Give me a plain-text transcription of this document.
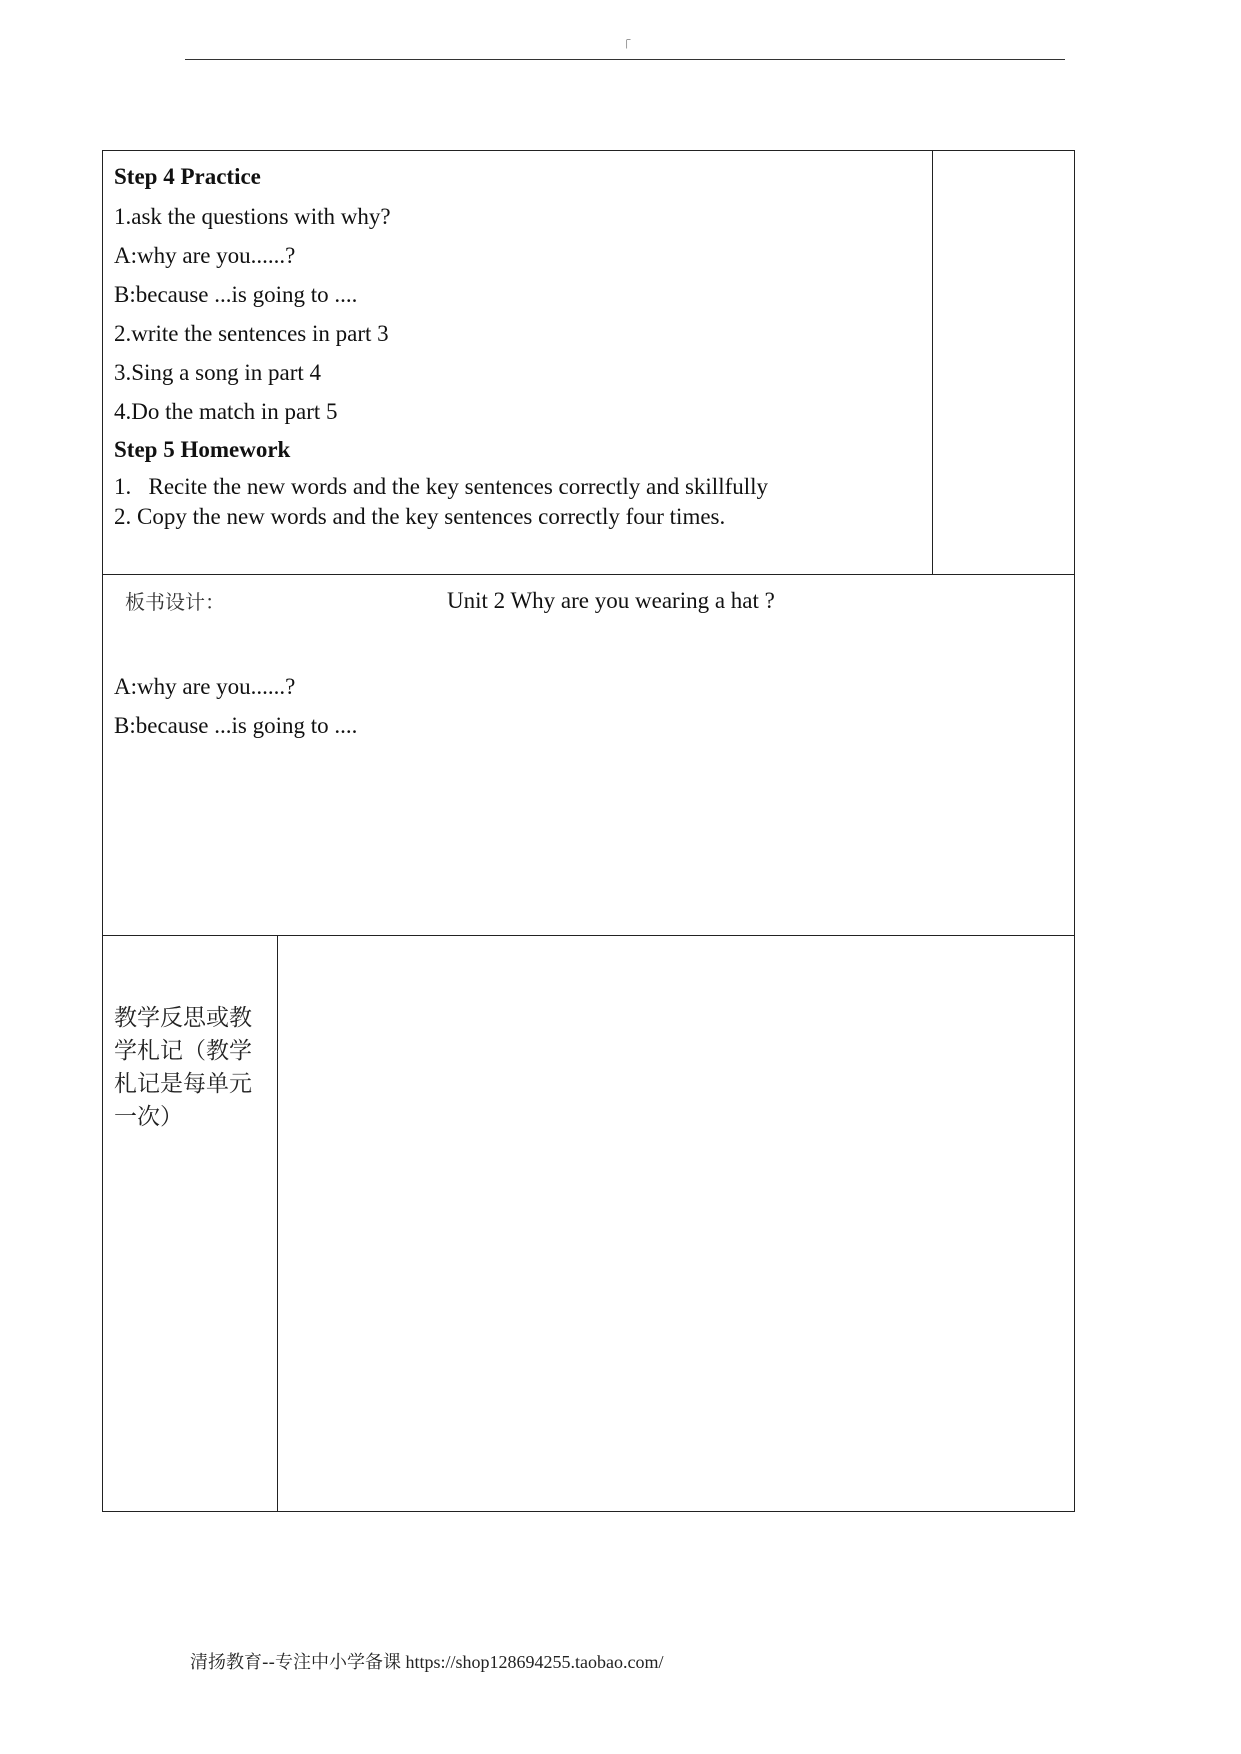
「
Step 4 Practice
1.ask the questions with why?
A:why are you......?
B:because ...is going to ....
2.write the sentences in part 3
3.Sing a song in part 4
4.Do the match in part 5
Step 5 Homework
1.   Recite the new words and the key sentences correctly and skillfully
2. Copy the new words and the key sentences correctly four times.
板书设计：	Unit 2 Why are you wearing a hat ?
A:why are you......?
B:because ...is going to ....
教学反思或教学札记（教学札记是每单元一次）
清扬教育--专注中小学备课 https://shop128694255.taobao.com/
